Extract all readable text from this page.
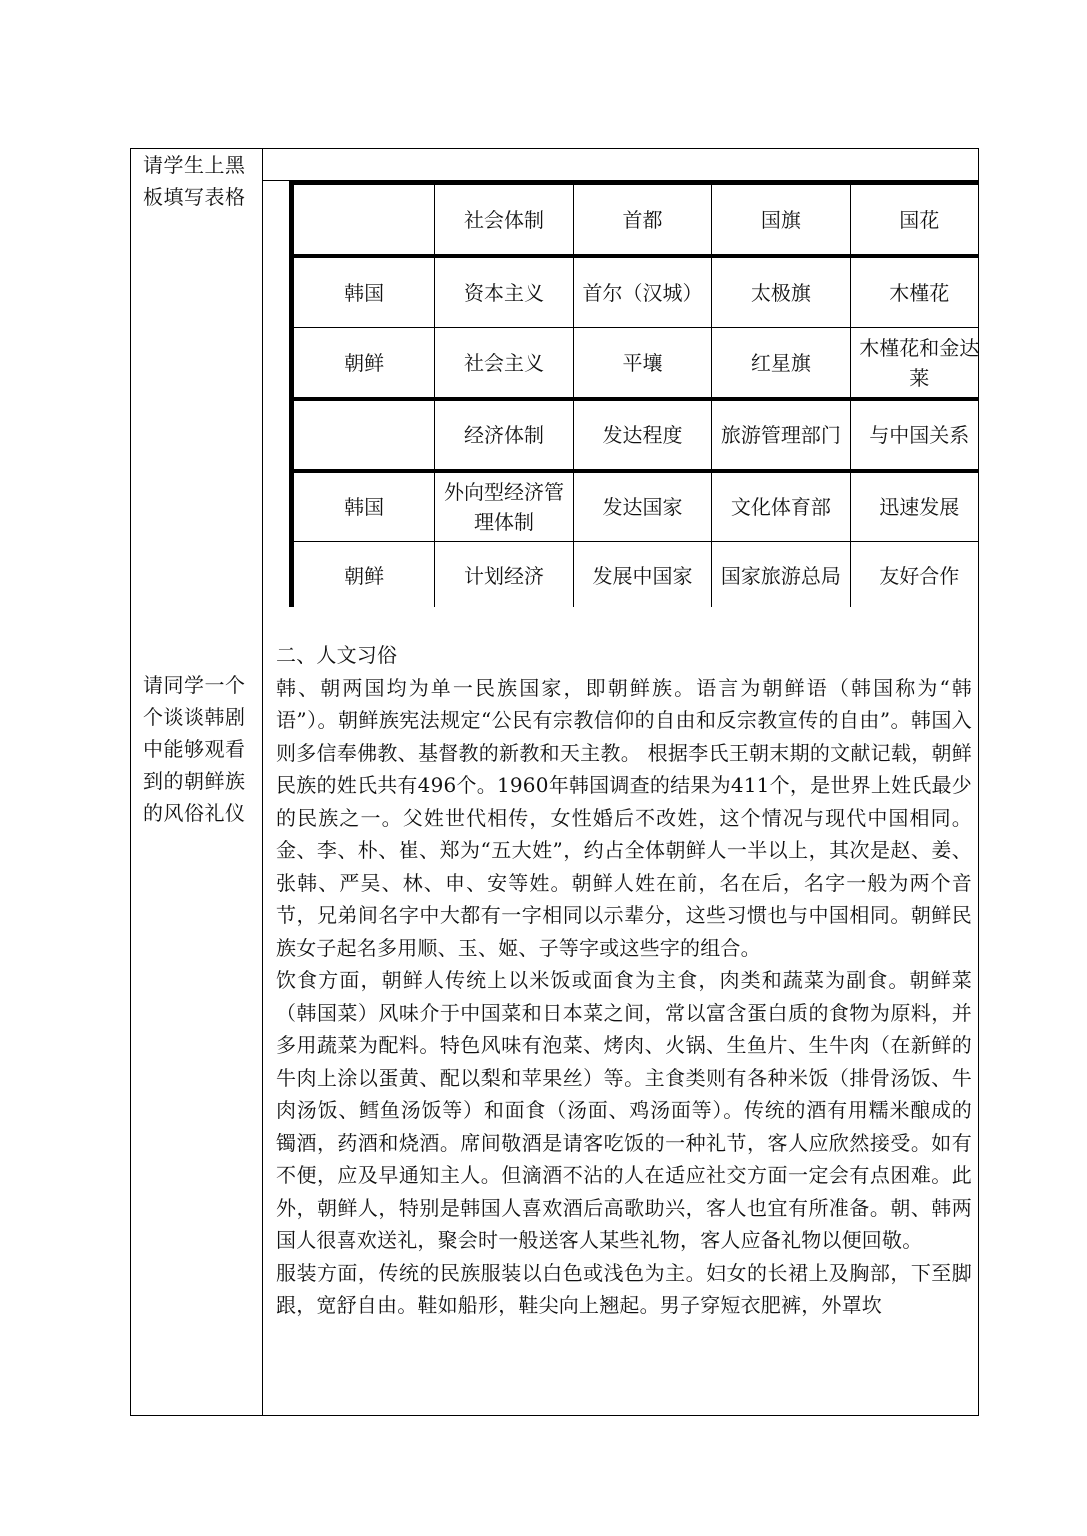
请学生上黑板填写表格
请同学一个个谈谈韩剧中能够观看到的朝鲜族的风俗礼仪
	社会体制	首都	国旗	国花
韩国	资本主义	首尔（汉城）	太极旗	木槿花
朝鲜	社会主义	平壤	红星旗	木槿花和金达莱
	经济体制	发达程度	旅游管理部门	与中国关系
韩国	外向型经济管理体制	发达国家	文化体育部	迅速发展
朝鲜	计划经济	发展中国家	国家旅游总局	友好合作

二、人文习俗

韩、朝两国均为单一民族国家，即朝鲜族。语言为朝鲜语（韩国称为“韩语”）。朝鲜族宪法规定“公民有宗教信仰的自由和反宗教宣传的自由”。韩国入则多信奉佛教、基督教的新教和天主教。 根据李氏王朝末期的文献记载，朝鲜民族的姓氏共有496个。1960年韩国调查的结果为411个，是世界上姓氏最少的民族之一。父姓世代相传，女性婚后不改姓，这个情况与现代中国相同。金、李、朴、崔、郑为“五大姓”，约占全体朝鲜人一半以上，其次是赵、姜、张韩、严吴、林、申、安等姓。朝鲜人姓在前，名在后，名字一般为两个音节，兄弟间名字中大都有一字相同以示辈分，这些习惯也与中国相同。朝鲜民族女子起名多用顺、玉、姬、子等字或这些字的组合。

饮食方面，朝鲜人传统上以米饭或面食为主食，肉类和蔬菜为副食。朝鲜菜（韩国菜）风味介于中国菜和日本菜之间，常以富含蛋白质的食物为原料，并多用蔬菜为配料。特色风味有泡菜、烤肉、火锅、生鱼片、生牛肉（在新鲜的牛肉上涂以蛋黄、配以梨和苹果丝）等。主食类则有各种米饭（排骨汤饭、牛肉汤饭、鳕鱼汤饭等）和面食（汤面、鸡汤面等）。传统的酒有用糯米酿成的镯酒，药酒和烧酒。席间敬酒是请客吃饭的一种礼节，客人应欣然接受。如有不便，应及早通知主人。但滴酒不沾的人在适应社交方面一定会有点困难。此外，朝鲜人，特别是韩国人喜欢酒后高歌助兴，客人也宜有所准备。朝、韩两国人很喜欢送礼，聚会时一般送客人某些礼物，客人应备礼物以便回敬。

服装方面，传统的民族服装以白色或浅色为主。妇女的长裙上及胸部，下至脚跟，宽舒自由。鞋如船形，鞋尖向上翘起。男子穿短衣肥裤，外罩坎
